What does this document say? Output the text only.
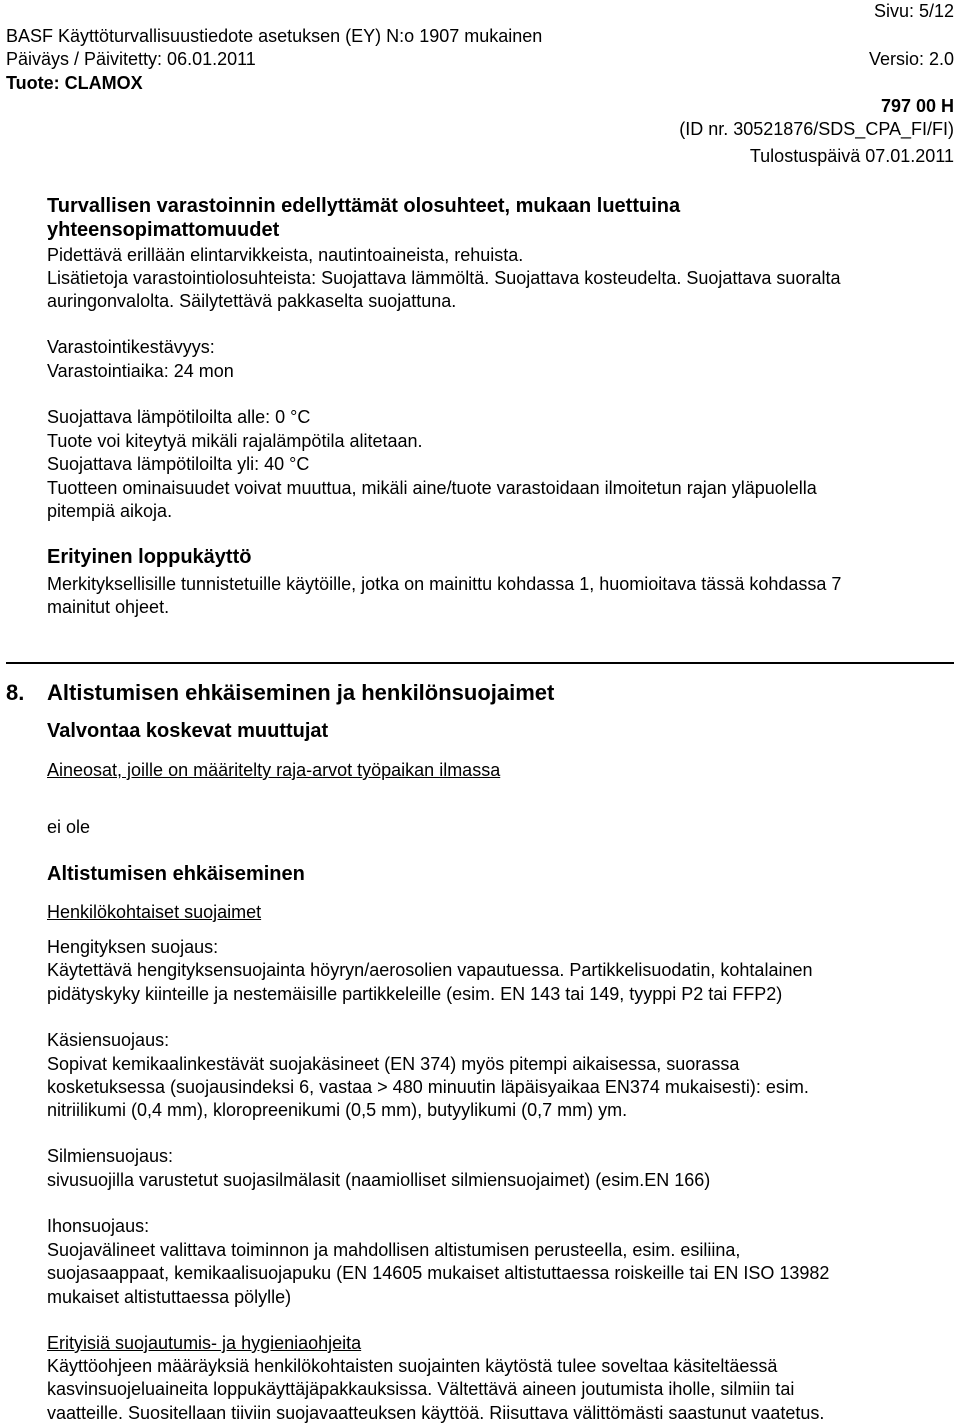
Sivu: 5/12
BASF Käyttöturvallisuustiedote asetuksen (EY) N:o 1907 mukainen
Päiväys / Päivitetty: 06.01.2011	Versio: 2.0
Tuote: CLAMOX
797 00 H
(ID nr. 30521876/SDS_CPA_FI/FI)
Tulostuspäivä 07.01.2011
Turvallisen varastoinnin edellyttämät olosuhteet, mukaan luettuina
yhteensopimattomuudet
Pidettävä erillään elintarvikkeista, nautintoaineista, rehuista.
Lisätietoja varastointiolosuhteista: Suojattava lämmöltä. Suojattava kosteudelta. Suojattava suoralta
auringonvalolta. Säilytettävä pakkaselta suojattuna.
Varastointikestävyys:
Varastointiaika: 24 mon
Suojattava lämpötiloilta alle: 0 °C
Tuote voi kiteytyä mikäli rajalämpötila alitetaan.
Suojattava lämpötiloilta yli: 40 °C
Tuotteen ominaisuudet voivat muuttua, mikäli aine/tuote varastoidaan ilmoitetun rajan yläpuolella
pitempiä aikoja.
Erityinen loppukäyttö
Merkityksellisille tunnistetuille käytöille, jotka on mainittu kohdassa 1, huomioitava tässä kohdassa 7
mainitut ohjeet.
8. Altistumisen ehkäiseminen ja henkilönsuojaimet
Valvontaa koskevat muuttujat
Aineosat, joille on määritelty raja-arvot työpaikan ilmassa
ei ole
Altistumisen ehkäiseminen
Henkilökohtaiset suojaimet
Hengityksen suojaus:
Käytettävä hengityksensuojainta höyryn/aerosolien vapautuessa. Partikkelisuodatin, kohtalainen
pidätyskyky kiinteille ja nestemäisille partikkeleille (esim. EN 143 tai 149, tyyppi P2 tai FFP2)
Käsiensuojaus:
Sopivat kemikaalinkestävät suojakäsineet (EN 374) myös pitempi aikaisessa, suorassa
kosketuksessa (suojausindeksi 6, vastaa > 480 minuutin läpäisyaikaa EN374 mukaisesti): esim.
nitriilikumi (0,4 mm), kloropreenikumi (0,5 mm), butyylikumi (0,7 mm) ym.
Silmiensuojaus:
sivusuojilla varustetut suojasilmälasit (naamiolliset silmiensuojaimet) (esim.EN 166)
Ihonsuojaus:
Suojavälineet valittava toiminnon ja mahdollisen altistumisen perusteella, esim. esiliina,
suojasaappaat, kemikaalisuojapuku (EN 14605 mukaiset altistuttaessa roiskeille tai EN ISO 13982
mukaiset altistuttaessa pölylle)
Erityisiä suojautumis- ja hygieniaohjeita
Käyttöohjeen määräyksiä henkilökohtaisten suojainten käytöstä tulee soveltaa käsiteltäessä
kasvinsuojeluaineita loppukäyttäjäpakkauksissa. Vältettävä aineen joutumista iholle, silmiin tai
vaatteille. Suositellaan tiiviin suojavaatteuksen käyttöä. Riisuttava välittömästi saastunut vaatetus.
